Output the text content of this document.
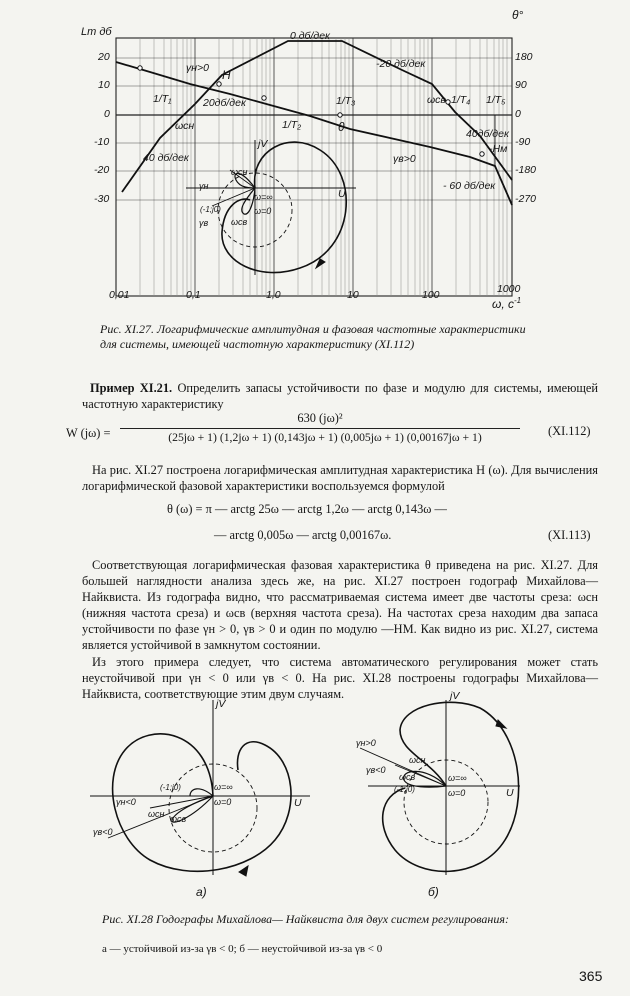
Lm дб
θ°
20
10
0
-10
-20
-30
180
90
0
-90
-180
-270
0,01	0,1	1,0	10	100	1000
ω, $c^{-1}$
0 дб/дек
-20 дб/дек
20дб/дек
40 дб/дек
40дб/дек
- 60 дб/дек
1/T₁
1/T₂
1/T₃	1/T₄ 1/T₅
H
θ
ωсн
ωсв
γн>0
γв>0
-Hм
jV
U
ω=∞
ω=0
(-1;j0)
ωсн
ωсв
γн
γв
Рис. XI.27. Логарифмические амплитудная и фазовая частотные характеристики для системы, имеющей частотную характеристику (XI.112)
Пример XI.21. Определить запасы устойчивости по фазе и модулю для системы, имеющей частотную характеристику
W (jω) =
630 (jω)²
(25jω + 1) (1,2jω + 1) (0,143jω + 1) (0,005jω + 1) (0,00167jω + 1)	(XI.112)
На рис. XI.27 построена логарифмическая амплитудная характеристика H (ω). Для вычисления логарифмической фазовой характеристики воспользуемся формулой
θ (ω) = π — arctg 25ω — arctg 1,2ω — arctg 0,143ω —
— arctg 0,005ω — arctg 0,00167ω.	(XI.113)
Соответствующая логарифмическая фазовая характеристика θ приведена на рис. XI.27. Для большей наглядности анализа здесь же, на рис. XI.27 построен годограф Михайлова—Найквиста. Из годографа видно, что рассматриваемая система имеет две частоты среза: ωсн (нижняя частота среза) и ωсв (верхняя частота среза). На частотах среза находим два запаса устойчивости по фазе γн > 0, γв > 0 и один по модулю —HМ. Как видно из рис. XI.27, система является устойчивой в замкнутом состоянии.
Из этого примера следует, что система автоматического регулирования может стать неустойчивой при γн < 0 или γв < 0. На рис. XI.28 построены годографы Михайлова—Найквиста, соответствующие этим двум случаям.
jV
U
ω=∞
ω=0
(-1;j0)
γн<0
γв<0
ωсн ωсв
а)
jV
U
ω=∞
ω=0
(-1;j0)
γн>0
γв<0
ωсн
ωсв
б)
Рис. XI.28 Годографы Михайлова— Найквиста для двух систем регулирования:
а — устойчивой из-за γв < 0; б — неустойчивой из-за γв < 0
365
